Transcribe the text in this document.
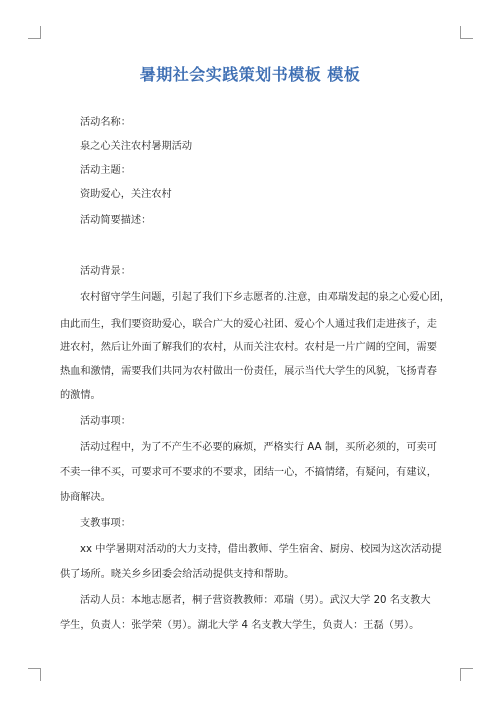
暑期社会实践策划书模板 模板
活动名称：
泉之心关注农村暑期活动
活动主题：
资助爱心，关注农村
活动简要描述：
活动背景：
农村留守学生问题，引起了我们下乡志愿者的.注意，由邓瑞发起的泉之心爱心团，
由此而生，我们要资助爱心，联合广大的爱心社团、爱心个人通过我们走进孩子，走
进农村，然后让外面了解我们的农村，从而关注农村。农村是一片广阔的空间，需要
热血和激情，需要我们共同为农村做出一份责任，展示当代大学生的风貌，飞扬青春
的激情。
活动事项：
活动过程中，为了不产生不必要的麻烦，严格实行 AA 制，买所必须的，可卖可
不卖一律不买，可要求可不要求的不要求，团结一心，不搞情绪，有疑问，有建议，
协商解决。
支教事项：
xx 中学暑期对活动的大力支持，借出教师、学生宿舍、厨房、校园为这次活动提
供了场所。晓关乡乡团委会给活动提供支持和帮助。
活动人员：本地志愿者，桐子营资教教师：邓瑞（男）。武汉大学 20 名支教大
学生，负责人：张学荣（男）。湖北大学 4 名支教大学生，负责人：王磊（男）。
